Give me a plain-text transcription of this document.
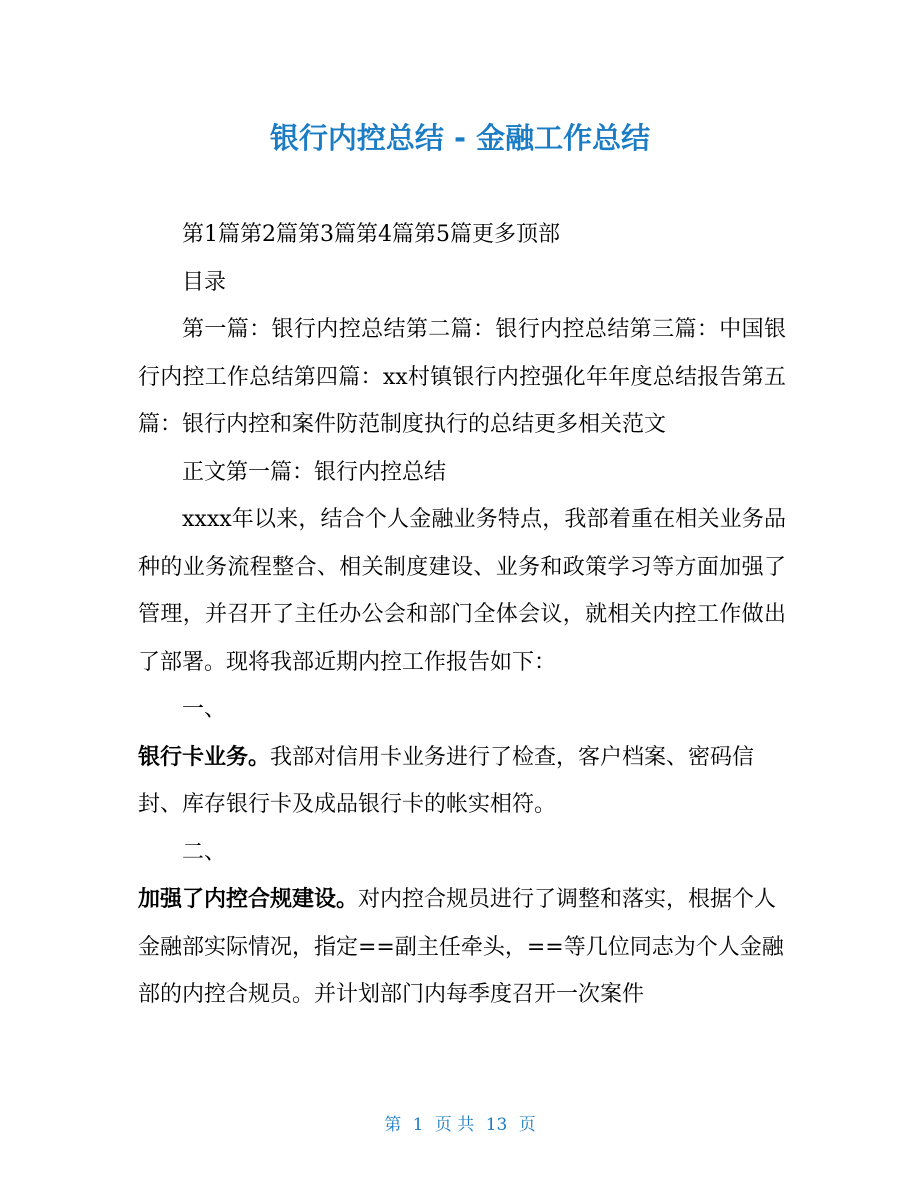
银行内控总结 - 金融工作总结

第1篇第2篇第3篇第4篇第5篇更多顶部

目录

第一篇：银行内控总结第二篇：银行内控总结第三篇：中国银行内控工作总结第四篇：xx村镇银行内控强化年年度总结报告第五篇：银行内控和案件防范制度执行的总结更多相关范文

正文第一篇：银行内控总结

xxxx年以来，结合个人金融业务特点，我部着重在相关业务品种的业务流程整合、相关制度建设、业务和政策学习等方面加强了管理，并召开了主任办公会和部门全体会议，就相关内控工作做出了部署。现将我部近期内控工作报告如下：

一、

银行卡业务。我部对信用卡业务进行了检查，客户档案、密码信封、库存银行卡及成品银行卡的帐实相符。

二、

加强了内控合规建设。对内控合规员进行了调整和落实，根据个人金融部实际情况，指定==副主任牵头，==等几位同志为个人金融部的内控合规员。并计划部门内每季度召开一次案件

第 1 页 共 13 页
